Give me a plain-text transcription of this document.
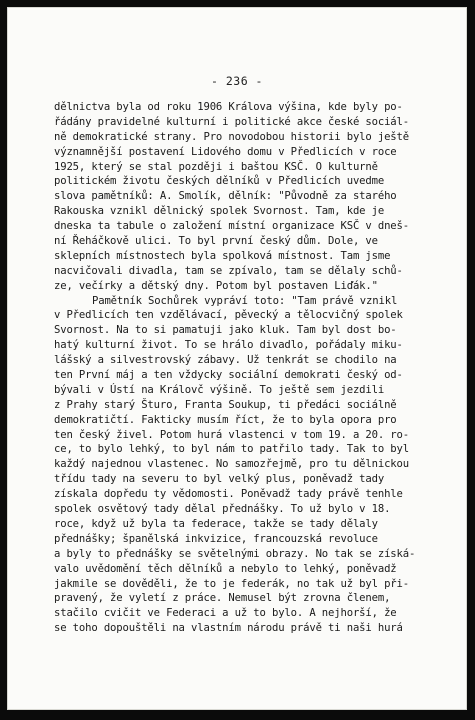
- 236 -
dělnictva byla od roku 1906 Králova výšina, kde byly po-
řádány pravidelné kulturní i politické akce české sociál-
ně demokratické strany. Pro novodobou historii bylo ještě
významnější postavení Lidového domu v Předlicích v roce
1925, který se stal později i baštou KSČ. O kulturně
politickém životu českých dělníků v Předlicích uvedme
slova pamětníků: A. Smolík, dělník: "Původně za starého
Rakouska vznikl dělnický spolek Svornost. Tam, kde je
dneska ta tabule o založení místní organizace KSČ v dneš-
ní Řeháčkově ulici. To byl první český dům. Dole, ve
sklepních místnostech byla spolková místnost. Tam jsme
nacvičovali divadla, tam se zpívalo, tam se dělaly schů-
ze, večírky a dětský dny. Potom byl postaven Liďák."
Pamětník Sochůrek vypráví toto: "Tam právě vznikl
v Předlicích ten vzdělávací, pěvecký a tělocvičný spolek
Svornost. Na to si pamatuji jako kluk. Tam byl dost bo-
hatý kulturní život. To se hrálo divadlo, pořádaly miku-
lášský a silvestrovský zábavy. Už tenkrát se chodilo na
ten První máj a ten vždycky sociální demokrati český od-
bývali v Ústí na Královč výšině. To ještě sem jezdili
z Prahy starý Šturo, Franta Soukup, ti předáci sociálně
demokratičtí. Fakticky musím říct, že to byla opora pro
ten český živel. Potom hurá vlastenci v tom 19. a 20. ro-
ce, to bylo lehký, to byl nám to patřilo tady. Tak to byl
každý najednou vlastenec. No samozřejmě, pro tu dělnickou
třídu tady na severu to byl velký plus, poněvadž tady
získala dopředu ty vědomosti. Poněvadž tady právě tenhle
spolek osvětový tady dělal přednášky. To už bylo v 18.
roce, když už byla ta federace, takže se tady dělaly
přednášky; španělská inkvizice, francouzská revoluce
a byly to přednášky se světelnými obrazy. No tak se získá-
valo uvědomění těch dělníků a nebylo to lehký, poněvadž
jakmile se dověděli, že to je federák, no tak už byl při-
pravený, že vyletí z práce. Nemusel být zrovna členem,
stačilo cvičit ve Federaci a už to bylo. A nejhorší, že
se toho dopouštěli na vlastním národu právě ti naši hurá
